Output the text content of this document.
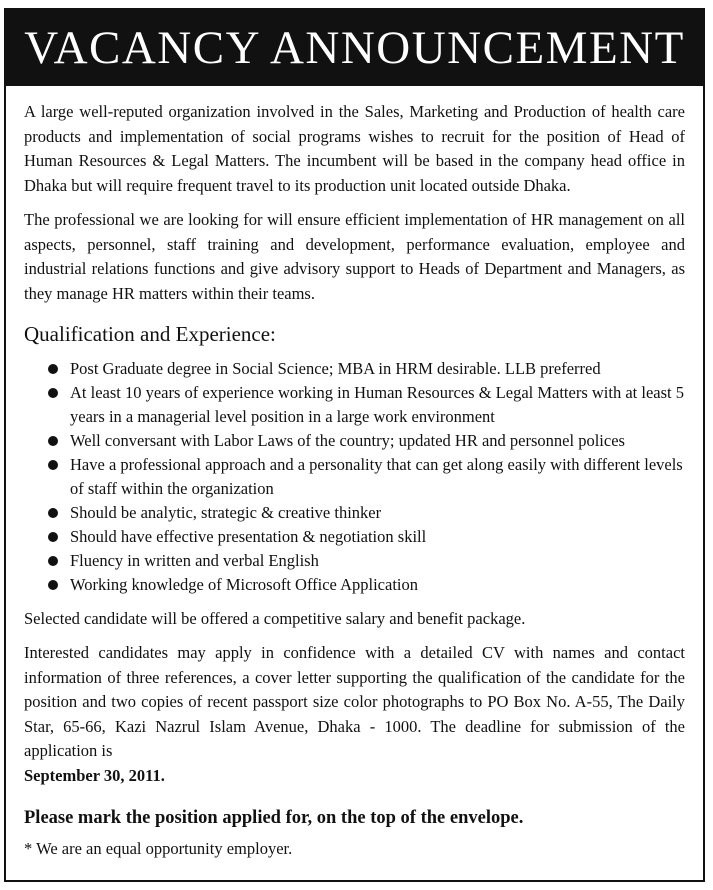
VACANCY ANNOUNCEMENT

A large well-reputed organization involved in the Sales, Marketing and Production of health care products and implementation of social programs wishes to recruit for the position of Head of Human Resources & Legal Matters. The incumbent will be based in the company head office in Dhaka but will require frequent travel to its production unit located outside Dhaka.

The professional we are looking for will ensure efficient implementation of HR management on all aspects, personnel, staff training and development, performance evaluation, employee and industrial relations functions and give advisory support to Heads of Department and Managers, as they manage HR matters within their teams.

Qualification and Experience:
Post Graduate degree in Social Science; MBA in HRM desirable. LLB preferred
At least 10 years of experience working in Human Resources & Legal Matters with at least 5 years in a managerial level position in a large work environment
Well conversant with Labor Laws of the country; updated HR and personnel polices
Have a professional approach and a personality that can get along easily with different levels of staff within the organization
Should be analytic, strategic & creative thinker
Should have effective presentation & negotiation skill
Fluency in written and verbal English
Working knowledge of Microsoft Office Application

Selected candidate will be offered a competitive salary and benefit package.

Interested candidates may apply in confidence with a detailed CV with names and contact information of three references, a cover letter supporting the qualification of the candidate for the position and two copies of recent passport size color photographs to PO Box No. A-55, The Daily Star, 65-66, Kazi Nazrul Islam Avenue, Dhaka - 1000. The deadline for submission of the application is
September 30, 2011.

Please mark the position applied for, on the top of the envelope.

* We are an equal opportunity employer.
